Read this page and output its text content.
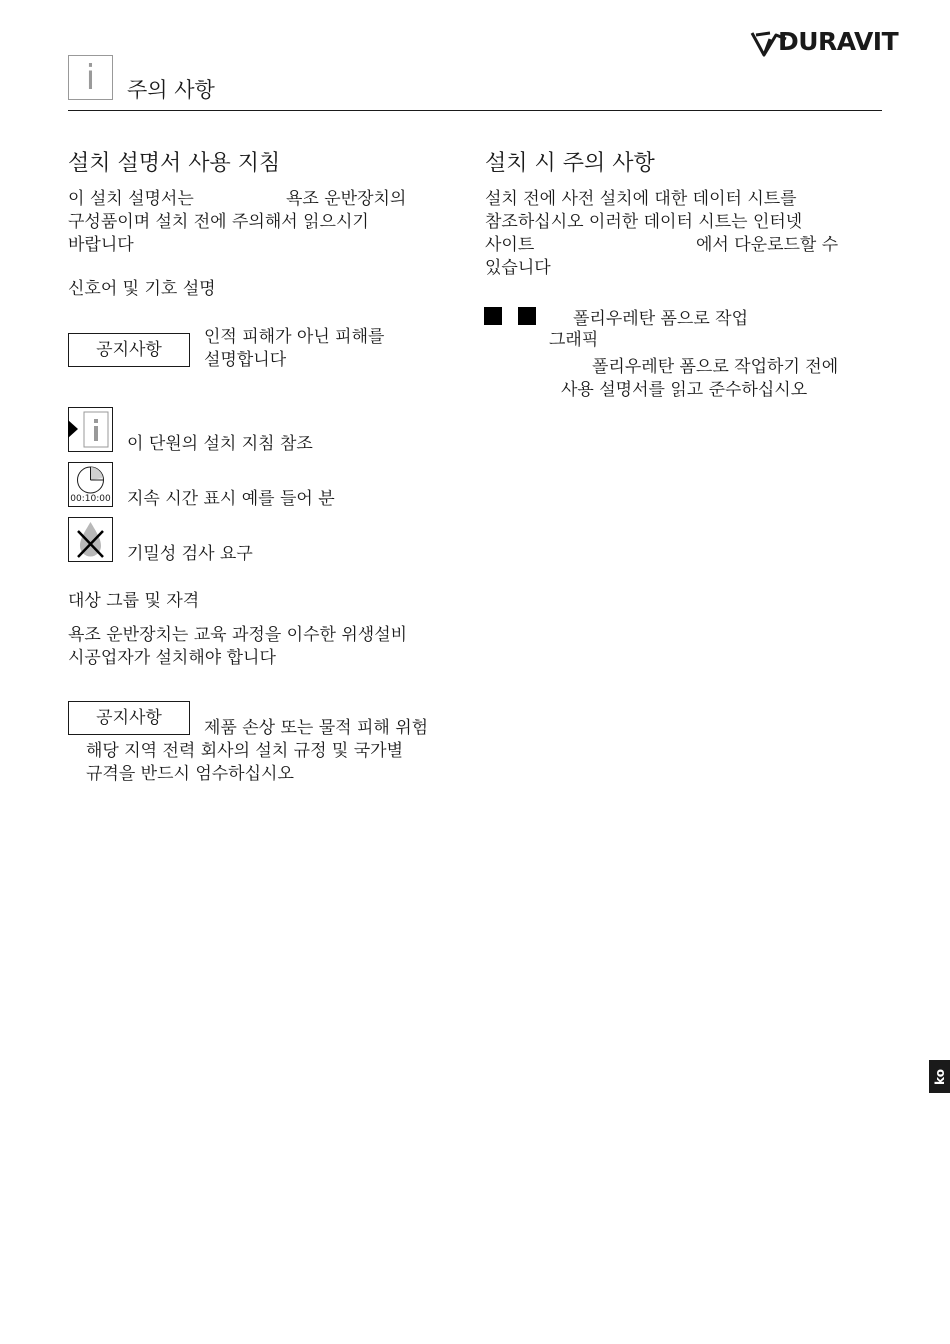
i	주의 사항
DURAVIT
설치 설명서 사용 지침
이 설치 설명서는	욕조 운반장치의
구성품이며 설치 전에 주의해서 읽으시기
바랍니다
신호어 및 기호 설명
공지사항
인적 피해가 아닌 피해를
설명합니다
이 단원의 설치 지침 참조
00:10:00 지속 시간 표시 예를 들어 분
기밀성 검사 요구
대상 그룹 및 자격
욕조 운반장치는 교육 과정을 이수한 위생설비
시공업자가 설치해야 합니다
공지사항	제품 손상 또는 물적 피해 위험
해당 지역 전력 회사의 설치 규정 및 국가별
규격을 반드시 엄수하십시오
설치 시 주의 사항
설치 전에 사전 설치에 대한 데이터 시트를
참조하십시오 이러한 데이터 시트는 인터넷
사이트	에서 다운로드할 수
있습니다
폴리우레탄 폼으로 작업
그래픽
폴리우레탄 폼으로 작업하기 전에
사용 설명서를 읽고 준수하십시오
ko
